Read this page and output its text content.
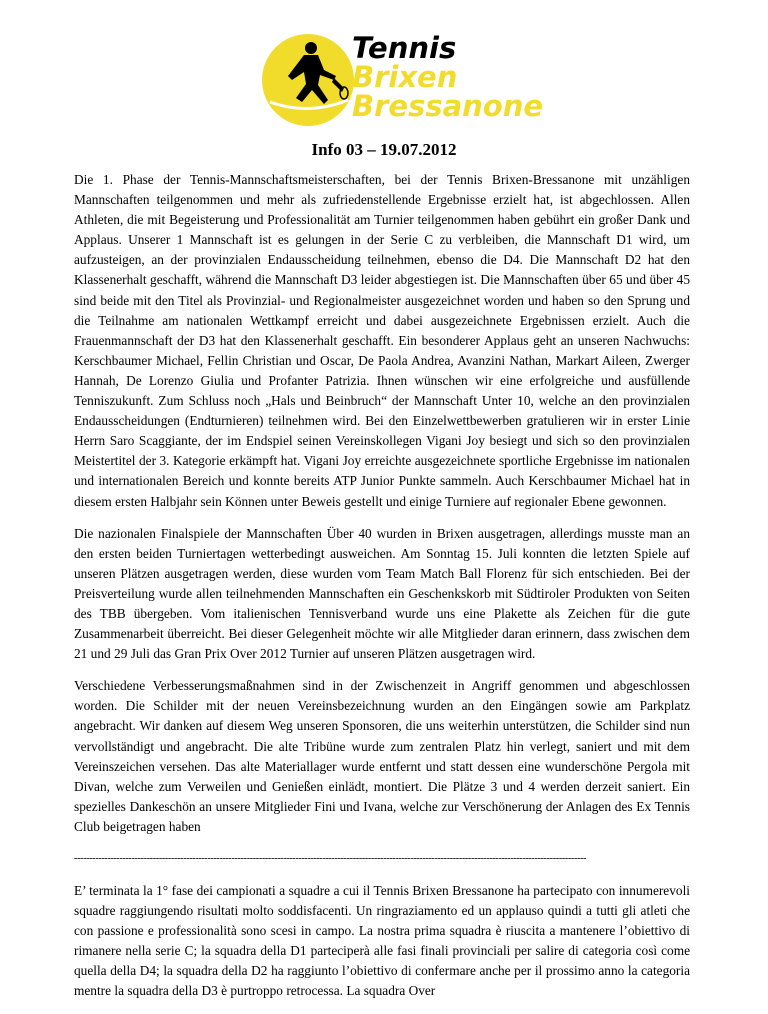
Tennis
Brixen
Bressanone
Info 03 – 19.07.2012

Die 1. Phase der Tennis-Mannschaftsmeisterschaften, bei der Tennis Brixen-Bressanone mit unzähligen Mannschaften teilgenommen und mehr als zufriedenstellende Ergebnisse erzielt hat, ist abgechlossen. Allen Athleten, die mit Begeisterung und Professionalität am Turnier teilgenommen haben gebührt ein großer Dank und Applaus. Unserer 1 Mannschaft ist es gelungen in der Serie C zu verbleiben, die Mannschaft D1 wird, um aufzusteigen, an der provinzialen Endausscheidung teilnehmen, ebenso die D4. Die Mannschaft D2 hat den Klassenerhalt geschafft, während die Mannschaft D3 leider abgestiegen ist. Die Mannschaften über 65 und über 45 sind beide mit den Titel als Provinzial- und Regionalmeister ausgezeichnet worden und haben so den Sprung und die Teilnahme am nationalen Wettkampf erreicht und dabei ausgezeichnete Ergebnissen erzielt. Auch die Frauenmannschaft der D3 hat den Klassenerhalt geschafft. Ein besonderer Applaus geht an unseren Nachwuchs: Kerschbaumer Michael, Fellin Christian und Oscar, De Paola Andrea, Avanzini Nathan, Markart Aileen, Zwerger Hannah, De Lorenzo Giulia und Profanter Patrizia. Ihnen wünschen wir eine erfolgreiche und ausfüllende Tenniszukunft. Zum Schluss noch „Hals und Beinbruch“ der Mannschaft Unter 10, welche an den provinzialen Endausscheidungen (Endturnieren) teilnehmen wird. Bei den Einzelwettbewerben gratulieren wir in erster Linie Herrn Saro Scaggiante, der im Endspiel seinen Vereinskollegen Vigani Joy besiegt und sich so den provinzialen Meistertitel der 3. Kategorie erkämpft hat. Vigani Joy erreichte ausgezeichnete sportliche Ergebnisse im nationalen und internationalen Bereich und konnte bereits ATP Junior Punkte sammeln. Auch Kerschbaumer Michael hat in diesem ersten Halbjahr sein Können unter Beweis gestellt und einige Turniere auf regionaler Ebene gewonnen.

Die nazionalen Finalspiele der Mannschaften Über 40 wurden in Brixen ausgetragen, allerdings musste man an den ersten beiden Turniertagen wetterbedingt ausweichen. Am Sonntag 15. Juli konnten die letzten Spiele auf unseren Plätzen ausgetragen werden, diese wurden vom Team Match Ball Florenz für sich entschieden. Bei der Preisverteilung wurde allen teilnehmenden Mannschaften ein Geschenkskorb mit Südtiroler Produkten von Seiten des TBB übergeben. Vom italienischen Tennisverband wurde uns eine Plakette als Zeichen für die gute Zusammenarbeit überreicht. Bei dieser Gelegenheit möchte wir alle Mitglieder daran erinnern, dass zwischen dem 21 und 29 Juli das Gran Prix Over 2012 Turnier auf unseren Plätzen ausgetragen wird.

Verschiedene Verbesserungsmaßnahmen sind in der Zwischenzeit in Angriff genommen und abgeschlossen worden. Die Schilder mit der neuen Vereinsbezeichnung wurden an den Eingängen sowie am Parkplatz angebracht. Wir danken auf diesem Weg unseren Sponsoren, die uns weiterhin unterstützen, die Schilder sind nun vervollständigt und angebracht. Die alte Tribüne wurde zum zentralen Platz hin verlegt, saniert und mit dem Vereinszeichen versehen. Das alte Materiallager wurde entfernt und statt dessen eine wunderschöne Pergola mit Divan, welche zum Verweilen und Genießen einlädt, montiert. Die Plätze 3 und 4 werden derzeit saniert. Ein spezielles Dankeschön an unsere Mitglieder Fini und Ivana, welche zur Verschönerung der Anlagen des Ex Tennis Club beigetragen haben

-------------------------------------------------------------------------------------------------------------------------------------------------------------------------

E’ terminata la 1° fase dei campionati a squadre a cui il Tennis Brixen Bressanone ha partecipato con innumerevoli squadre raggiungendo risultati molto soddisfacenti. Un ringraziamento ed un applauso quindi a tutti gli atleti che con passione e professionalità sono scesi in campo. La nostra prima squadra è riuscita a mantenere l’obiettivo di rimanere nella serie C; la squadra della D1 parteciperà alle fasi finali provinciali per salire di categoria così come quella della D4; la squadra della D2 ha raggiunto l’obiettivo di confermare anche per il prossimo anno la categoria mentre la squadra della D3 è purtroppo retrocessa. La squadra Over
